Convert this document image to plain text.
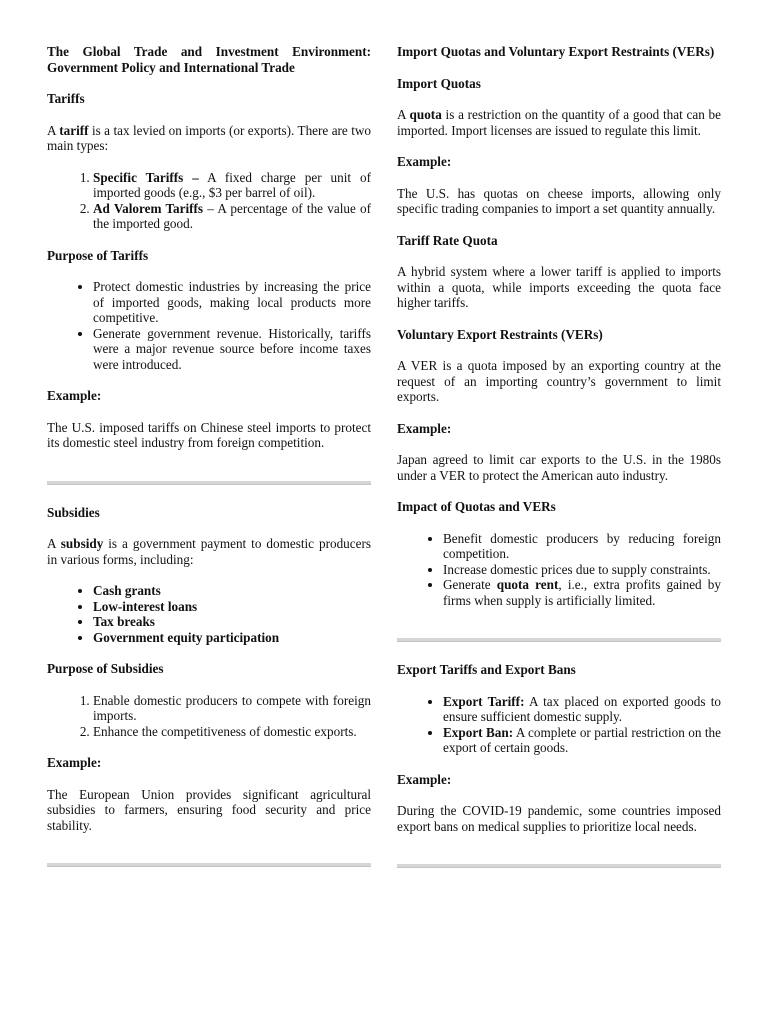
The Global Trade and Investment Environment: Government Policy and International Trade
Tariffs

A tariff is a tax levied on imports (or exports). There are two main types:

1. Specific Tariffs – A fixed charge per unit of imported goods (e.g., $3 per barrel of oil).
2. Ad Valorem Tariffs – A percentage of the value of the imported good.
Purpose of Tariffs
• Protect domestic industries by increasing the price of imported goods, making local products more competitive.
• Generate government revenue. Historically, tariffs were a major revenue source before income taxes were introduced.
Example:

The U.S. imposed tariffs on Chinese steel imports to protect its domestic steel industry from foreign competition.

Subsidies

A subsidy is a government payment to domestic producers in various forms, including:

• Cash grants
• Low-interest loans
• Tax breaks
• Government equity participation
Purpose of Subsidies
1. Enable domestic producers to compete with foreign imports.
2. Enhance the competitiveness of domestic exports.
Example:

The European Union provides significant agricultural subsidies to farmers, ensuring food security and price stability.

Import Quotas and Voluntary Export Restraints (VERs)
Import Quotas

A quota is a restriction on the quantity of a good that can be imported. Import licenses are issued to regulate this limit.

Example:

The U.S. has quotas on cheese imports, allowing only specific trading companies to import a set quantity annually.

Tariff Rate Quota

A hybrid system where a lower tariff is applied to imports within a quota, while imports exceeding the quota face higher tariffs.

Voluntary Export Restraints (VERs)

A VER is a quota imposed by an exporting country at the request of an importing country’s government to limit exports.

Example:

Japan agreed to limit car exports to the U.S. in the 1980s under a VER to protect the American auto industry.

Impact of Quotas and VERs
• Benefit domestic producers by reducing foreign competition.
• Increase domestic prices due to supply constraints.
• Generate quota rent, i.e., extra profits gained by firms when supply is artificially limited.
Export Tariffs and Export Bans
• Export Tariff: A tax placed on exported goods to ensure sufficient domestic supply.
• Export Ban: A complete or partial restriction on the export of certain goods.
Example:

During the COVID-19 pandemic, some countries imposed export bans on medical supplies to prioritize local needs.
